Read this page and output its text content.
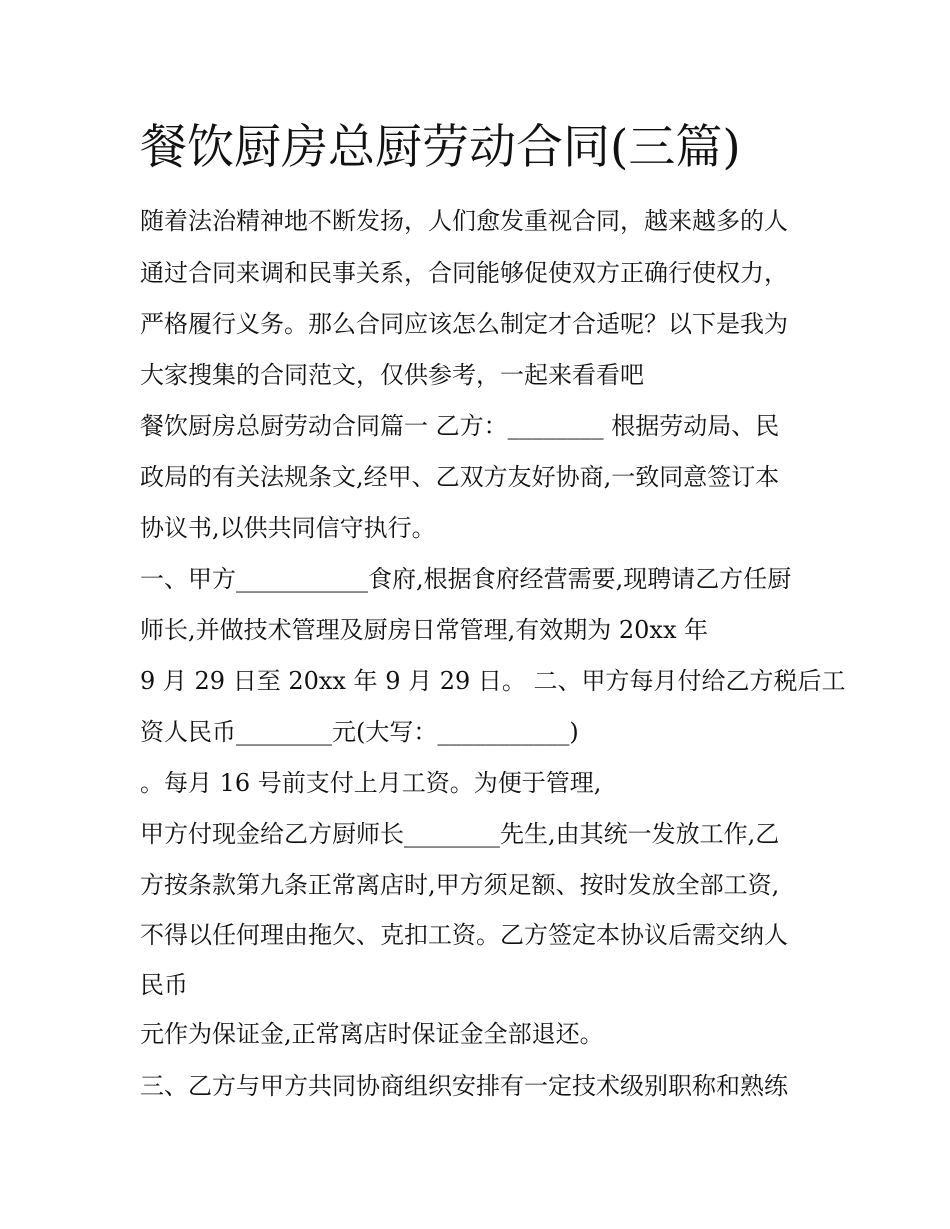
餐饮厨房总厨劳动合同(三篇)
随着法治精神地不断发扬，人们愈发重视合同，越来越多的人
通过合同来调和民事关系，合同能够促使双方正确行使权力，
严格履行义务。那么合同应该怎么制定才合适呢？以下是我为
大家搜集的合同范文，仅供参考，一起来看看吧
餐饮厨房总厨劳动合同篇一 乙方：________ 根据劳动局、民
政局的有关法规条文,经甲、乙双方友好协商,一致同意签订本
协议书,以供共同信守执行。
一、甲方___________食府,根据食府经营需要,现聘请乙方任厨
师长,并做技术管理及厨房日常管理,有效期为 20xx 年
9 月 29 日至 20xx 年 9 月 29 日。 二、甲方每月付给乙方税后工
资人民币________元(大写：___________)
。每月 16 号前支付上月工资。为便于管理,
甲方付现金给乙方厨师长________先生,由其统一发放工作,乙
方按条款第九条正常离店时,甲方须足额、按时发放全部工资,
不得以任何理由拖欠、克扣工资。乙方签定本协议后需交纳人
民币
元作为保证金,正常离店时保证金全部退还。
三、乙方与甲方共同协商组织安排有一定技术级别职称和熟练
